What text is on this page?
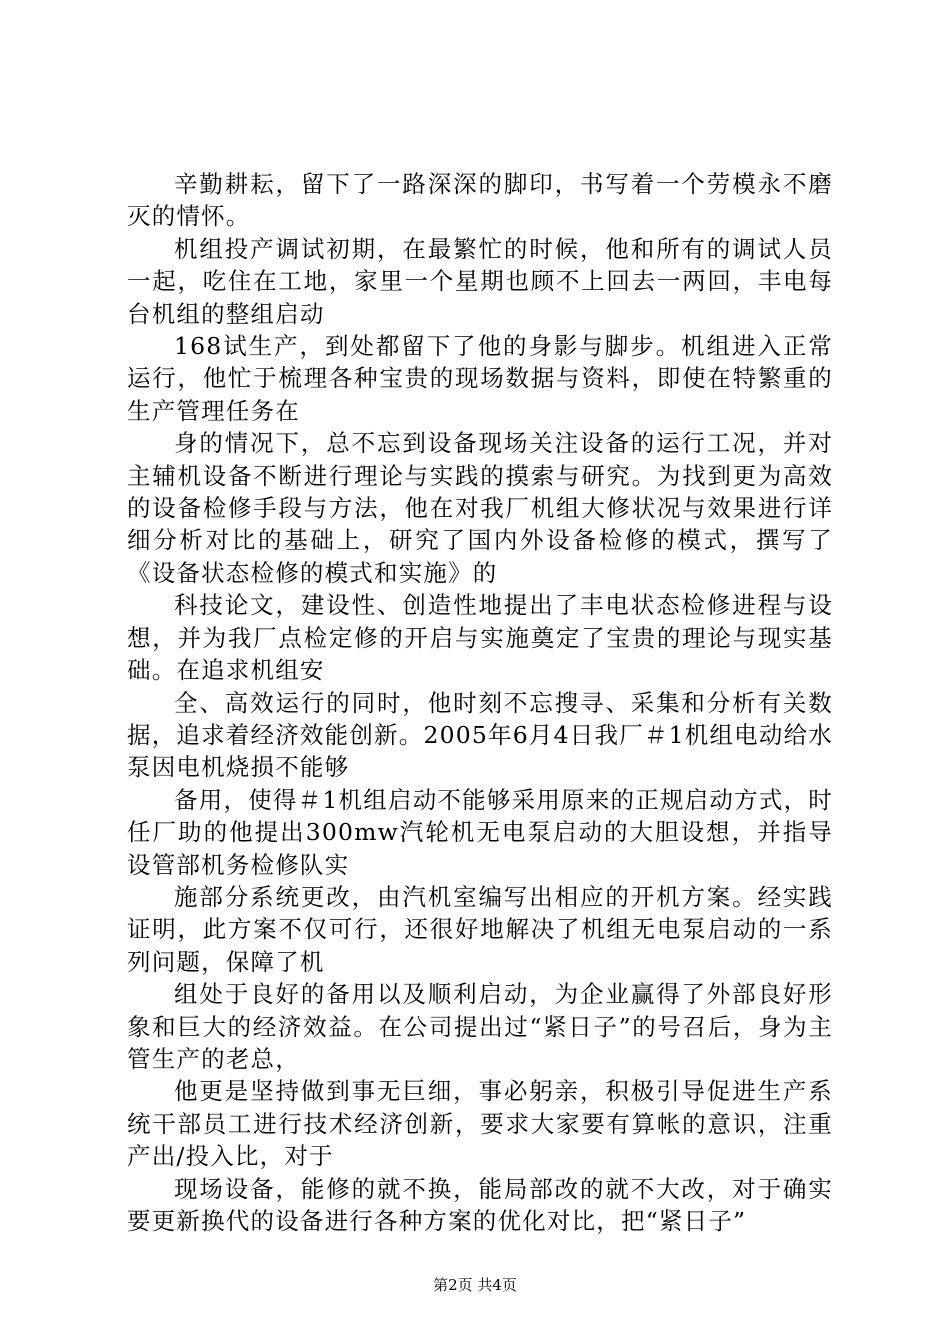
辛勤耕耘，留下了一路深深的脚印，书写着一个劳模永不磨灭的情怀。

机组投产调试初期，在最繁忙的时候，他和所有的调试人员一起，吃住在工地，家里一个星期也顾不上回去一两回，丰电每台机组的整组启动

168试生产，到处都留下了他的身影与脚步。机组进入正常运行，他忙于梳理各种宝贵的现场数据与资料，即使在特繁重的生产管理任务在

身的情况下，总不忘到设备现场关注设备的运行工况，并对主辅机设备不断进行理论与实践的摸索与研究。为找到更为高效的设备检修手段与方法，他在对我厂机组大修状况与效果进行详细分析对比的基础上，研究了国内外设备检修的模式，撰写了《设备状态检修的模式和实施》的

科技论文，建设性、创造性地提出了丰电状态检修进程与设想，并为我厂点检定修的开启与实施奠定了宝贵的理论与现实基础。在追求机组安

全、高效运行的同时，他时刻不忘搜寻、采集和分析有关数据，追求着经济效能创新。2005年6月4日我厂＃1机组电动给水泵因电机烧损不能够

备用，使得＃1机组启动不能够采用原来的正规启动方式，时任厂助的他提出300mw汽轮机无电泵启动的大胆设想，并指导设管部机务检修队实

施部分系统更改，由汽机室编写出相应的开机方案。经实践证明，此方案不仅可行，还很好地解决了机组无电泵启动的一系列问题，保障了机

组处于良好的备用以及顺利启动，为企业赢得了外部良好形象和巨大的经济效益。在公司提出过“紧日子”的号召后，身为主管生产的老总，

他更是坚持做到事无巨细，事必躬亲，积极引导促进生产系统干部员工进行技术经济创新，要求大家要有算帐的意识，注重产出/投入比，对于

现场设备，能修的就不换，能局部改的就不大改，对于确实要更新换代的设备进行各种方案的优化对比，把“紧日子”

第2页 共4页
